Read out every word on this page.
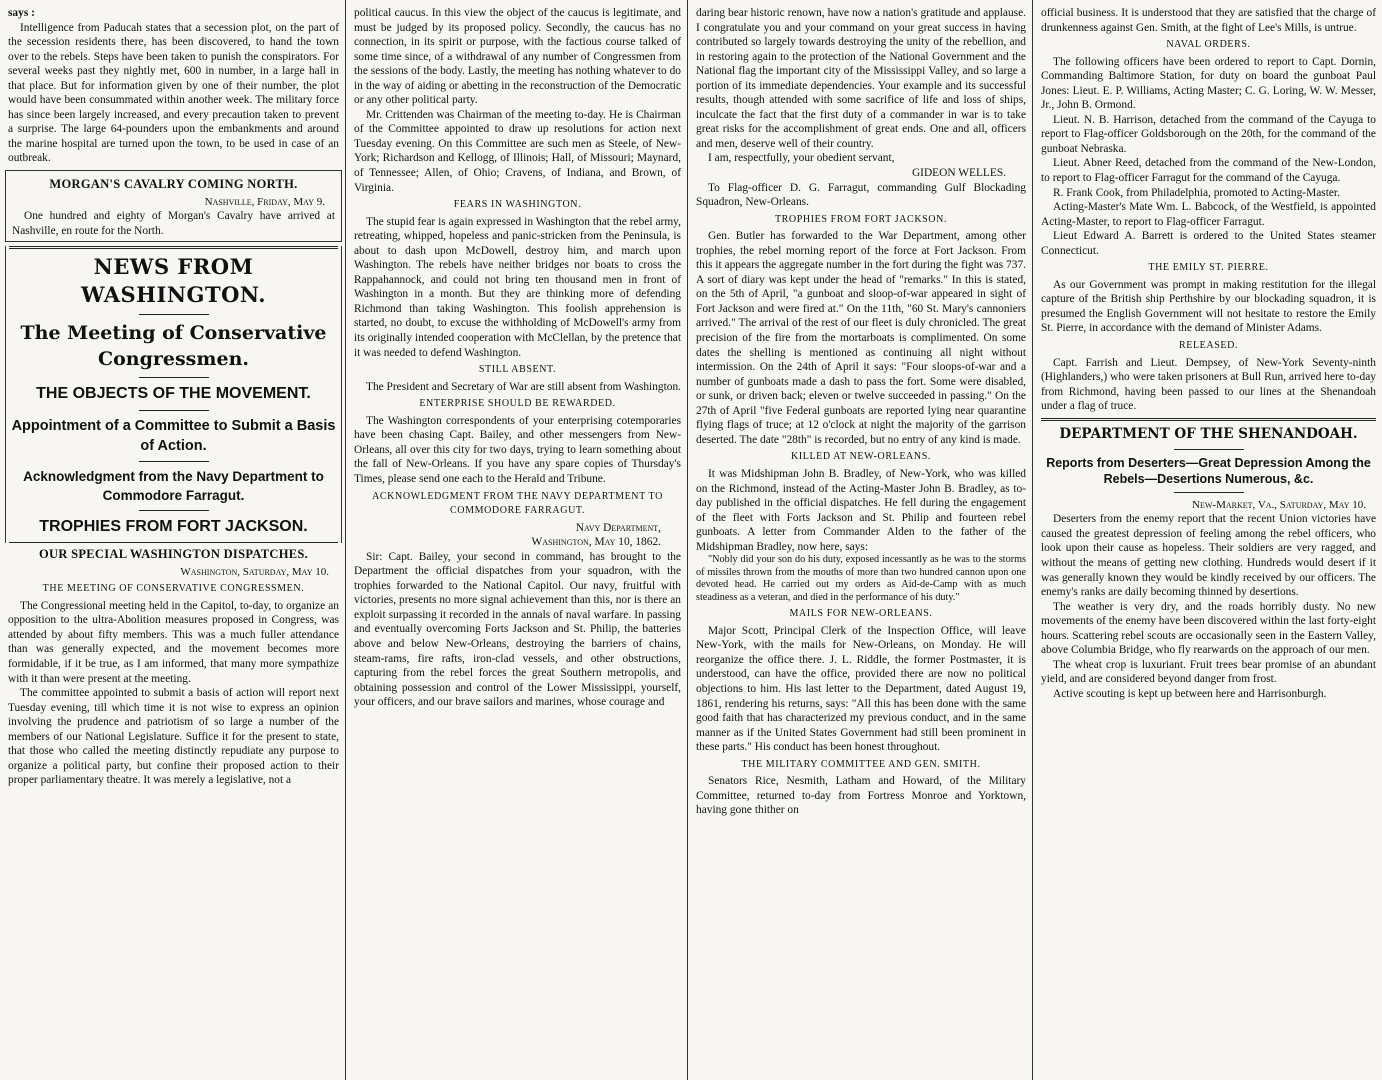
says :

Intelligence from Paducah states that a secession plot, on the part of the secession residents there, has been discovered, to hand the town over to the rebels. Steps have been taken to punish the conspirators. For several weeks past they nightly met, 600 in number, in a large hall in that place. But for information given by one of their number, the plot would have been consummated within another week. The military force has since been largely increased, and every precaution taken to prevent a surprise. The large 64-pounders upon the embankments and around the marine hospital are turned upon the town, to be used in case of an outbreak.

MORGAN'S CAVALRY COMING NORTH.

Nashville, Friday, May 9.

One hundred and eighty of Morgan's Cavalry have arrived at Nashville, en route for the North.

NEWS FROM WASHINGTON.
The Meeting of Conservative Congressmen.
THE OBJECTS OF THE MOVEMENT.
Appointment of a Committee to Submit a Basis of Action.
Acknowledgment from the Navy Department to Commodore Farragut.
TROPHIES FROM FORT JACKSON.
OUR SPECIAL WASHINGTON DISPATCHES.

Washington, Saturday, May 10.

THE MEETING OF CONSERVATIVE CONGRESSMEN.

The Congressional meeting held in the Capitol, to-day, to organize an opposition to the ultra-Abolition measures proposed in Congress, was attended by about fifty members. This was a much fuller attendance than was generally expected, and the movement becomes more formidable, if it be true, as I am informed, that many more sympathize with it than were present at the meeting.

The committee appointed to submit a basis of action will report next Tuesday evening, till which time it is not wise to express an opinion involving the prudence and patriotism of so large a number of the members of our National Legislature. Suffice it for the present to state, that those who called the meeting distinctly repudiate any purpose to organize a political party, but confine their proposed action to their proper parliamentary theatre. It was merely a legislative, not a

political caucus. In this view the object of the caucus is legitimate, and must be judged by its proposed policy. Secondly, the caucus has no connection, in its spirit or purpose, with the factious course talked of some time since, of a withdrawal of any number of Congressmen from the sessions of the body. Lastly, the meeting has nothing whatever to do in the way of aiding or abetting in the reconstruction of the Democratic or any other political party.

Mr. Crittenden was Chairman of the meeting to-day. He is Chairman of the Committee appointed to draw up resolutions for action next Tuesday evening. On this Committee are such men as Steele, of New-York; Richardson and Kellogg, of Illinois; Hall, of Missouri; Maynard, of Tennessee; Allen, of Ohio; Cravens, of Indiana, and Brown, of Virginia.

FEARS IN WASHINGTON.

The stupid fear is again expressed in Washington that the rebel army, retreating, whipped, hopeless and panic-stricken from the Peninsula, is about to dash upon McDowell, destroy him, and march upon Washington. The rebels have neither bridges nor boats to cross the Rappahannock, and could not bring ten thousand men in front of Washington in a month. But they are thinking more of defending Richmond than taking Washington. This foolish apprehension is started, no doubt, to excuse the withholding of McDowell's army from its originally intended cooperation with McClellan, by the pretence that it was needed to defend Washington.

STILL ABSENT.

The President and Secretary of War are still absent from Washington.

ENTERPRISE SHOULD BE REWARDED.

The Washington correspondents of your enterprising cotemporaries have been chasing Capt. Bailey, and other messengers from New-Orleans, all over this city for two days, trying to learn something about the fall of New-Orleans. If you have any spare copies of Thursday's Times, please send one each to the Herald and Tribune.

ACKNOWLEDGMENT FROM THE NAVY DEPARTMENT TO COMMODORE FARRAGUT.

Navy Department,

Washington, May 10, 1862.

Sir: Capt. Bailey, your second in command, has brought to the Department the official dispatches from your squadron, with the trophies forwarded to the National Capitol. Our navy, fruitful with victories, presents no more signal achievement than this, nor is there an exploit surpassing it recorded in the annals of naval warfare. In passing and eventually overcoming Forts Jackson and St. Philip, the batteries above and below New-Orleans, destroying the barriers of chains, steam-rams, fire rafts, iron-clad vessels, and other obstructions, capturing from the rebel forces the great Southern metropolis, and obtaining possession and control of the Lower Mississippi, yourself, your officers, and our brave sailors and marines, whose courage and

daring bear historic renown, have now a nation's gratitude and applause. I congratulate you and your command on your great success in having contributed so largely towards destroying the unity of the rebellion, and in restoring again to the protection of the National Government and the National flag the important city of the Mississippi Valley, and so large a portion of its immediate dependencies. Your example and its successful results, though attended with some sacrifice of life and loss of ships, inculcate the fact that the first duty of a commander in war is to take great risks for the accomplishment of great ends. One and all, officers and men, deserve well of their country.

I am, respectfully, your obedient servant,

GIDEON WELLES.

To Flag-officer D. G. Farragut, commanding Gulf Blockading Squadron, New-Orleans.

TROPHIES FROM FORT JACKSON.

Gen. Butler has forwarded to the War Department, among other trophies, the rebel morning report of the force at Fort Jackson. From this it appears the aggregate number in the fort during the fight was 737. A sort of diary was kept under the head of "remarks." In this is stated, on the 5th of April, "a gunboat and sloop-of-war appeared in sight of Fort Jackson and were fired at." On the 11th, "60 St. Mary's cannoniers arrived." The arrival of the rest of our fleet is duly chronicled. The great precision of the fire from the mortarboats is complimented. On some dates the shelling is mentioned as continuing all night without intermission. On the 24th of April it says: "Four sloops-of-war and a number of gunboats made a dash to pass the fort. Some were disabled, or sunk, or driven back; eleven or twelve succeeded in passing." On the 27th of April "five Federal gunboats are reported lying near quarantine flying flags of truce; at 12 o'clock at night the majority of the garrison deserted. The date "28th" is recorded, but no entry of any kind is made.

KILLED AT NEW-ORLEANS.

It was Midshipman John B. Bradley, of New-York, who was killed on the Richmond, instead of the Acting-Master John B. Bradley, as to-day published in the official dispatches. He fell during the engagement of the fleet with Forts Jackson and St. Philip and fourteen rebel gunboats. A letter from Commander Alden to the father of the Midshipman Bradley, now here, says:

"Nobly did your son do his duty, exposed incessantly as he was to the storms of missiles thrown from the mouths of more than two hundred cannon upon one devoted head. He carried out my orders as Aid-de-Camp with as much steadiness as a veteran, and died in the performance of his duty."

MAILS FOR NEW-ORLEANS.

Major Scott, Principal Clerk of the Inspection Office, will leave New-York, with the mails for New-Orleans, on Monday. He will reorganize the office there. J. L. Riddle, the former Postmaster, it is understood, can have the office, provided there are now no political objections to him. His last letter to the Department, dated August 19, 1861, rendering his returns, says: "All this has been done with the same good faith that has characterized my previous conduct, and in the same manner as if the United States Government had still been prominent in these parts." His conduct has been honest throughout.

THE MILITARY COMMITTEE AND GEN. SMITH.

Senators Rice, Nesmith, Latham and Howard, of the Military Committee, returned to-day from Fortress Monroe and Yorktown, having gone thither on

official business. It is understood that they are satisfied that the charge of drunkenness against Gen. Smith, at the fight of Lee's Mills, is untrue.

NAVAL ORDERS.

The following officers have been ordered to report to Capt. Dornin, Commanding Baltimore Station, for duty on board the gunboat Paul Jones: Lieut. E. P. Williams, Acting Master; C. G. Loring, W. W. Messer, Jr., John B. Ormond.

Lieut. N. B. Harrison, detached from the command of the Cayuga to report to Flag-officer Goldsborough on the 20th, for the command of the gunboat Nebraska.

Lieut. Abner Reed, detached from the command of the New-London, to report to Flag-officer Farragut for the command of the Cayuga.

R. Frank Cook, from Philadelphia, promoted to Acting-Master.

Acting-Master's Mate Wm. L. Babcock, of the Westfield, is appointed Acting-Master, to report to Flag-officer Farragut.

Lieut Edward A. Barrett is ordered to the United States steamer Connecticut.

THE EMILY ST. PIERRE.

As our Government was prompt in making restitution for the illegal capture of the British ship Perthshire by our blockading squadron, it is presumed the English Government will not hesitate to restore the Emily St. Pierre, in accordance with the demand of Minister Adams.

RELEASED.

Capt. Farrish and Lieut. Dempsey, of New-York Seventy-ninth (Highlanders,) who were taken prisoners at Bull Run, arrived here to-day from Richmond, having been passed to our lines at the Shenandoah under a flag of truce.

DEPARTMENT OF THE SHENANDOAH.
Reports from Deserters—Great Depression Among the Rebels—Desertions Numerous, &c.

New-Market, Va., Saturday, May 10.

Deserters from the enemy report that the recent Union victories have caused the greatest depression of feeling among the rebel officers, who look upon their cause as hopeless. Their soldiers are very ragged, and without the means of getting new clothing. Hundreds would desert if it was generally known they would be kindly received by our officers. The enemy's ranks are daily becoming thinned by desertions.

The weather is very dry, and the roads horribly dusty. No new movements of the enemy have been discovered within the last forty-eight hours. Scattering rebel scouts are occasionally seen in the Eastern Valley, above Columbia Bridge, who fly rearwards on the approach of our men.

The wheat crop is luxuriant. Fruit trees bear promise of an abundant yield, and are considered beyond danger from frost.

Active scouting is kept up between here and Harrisonburgh.
